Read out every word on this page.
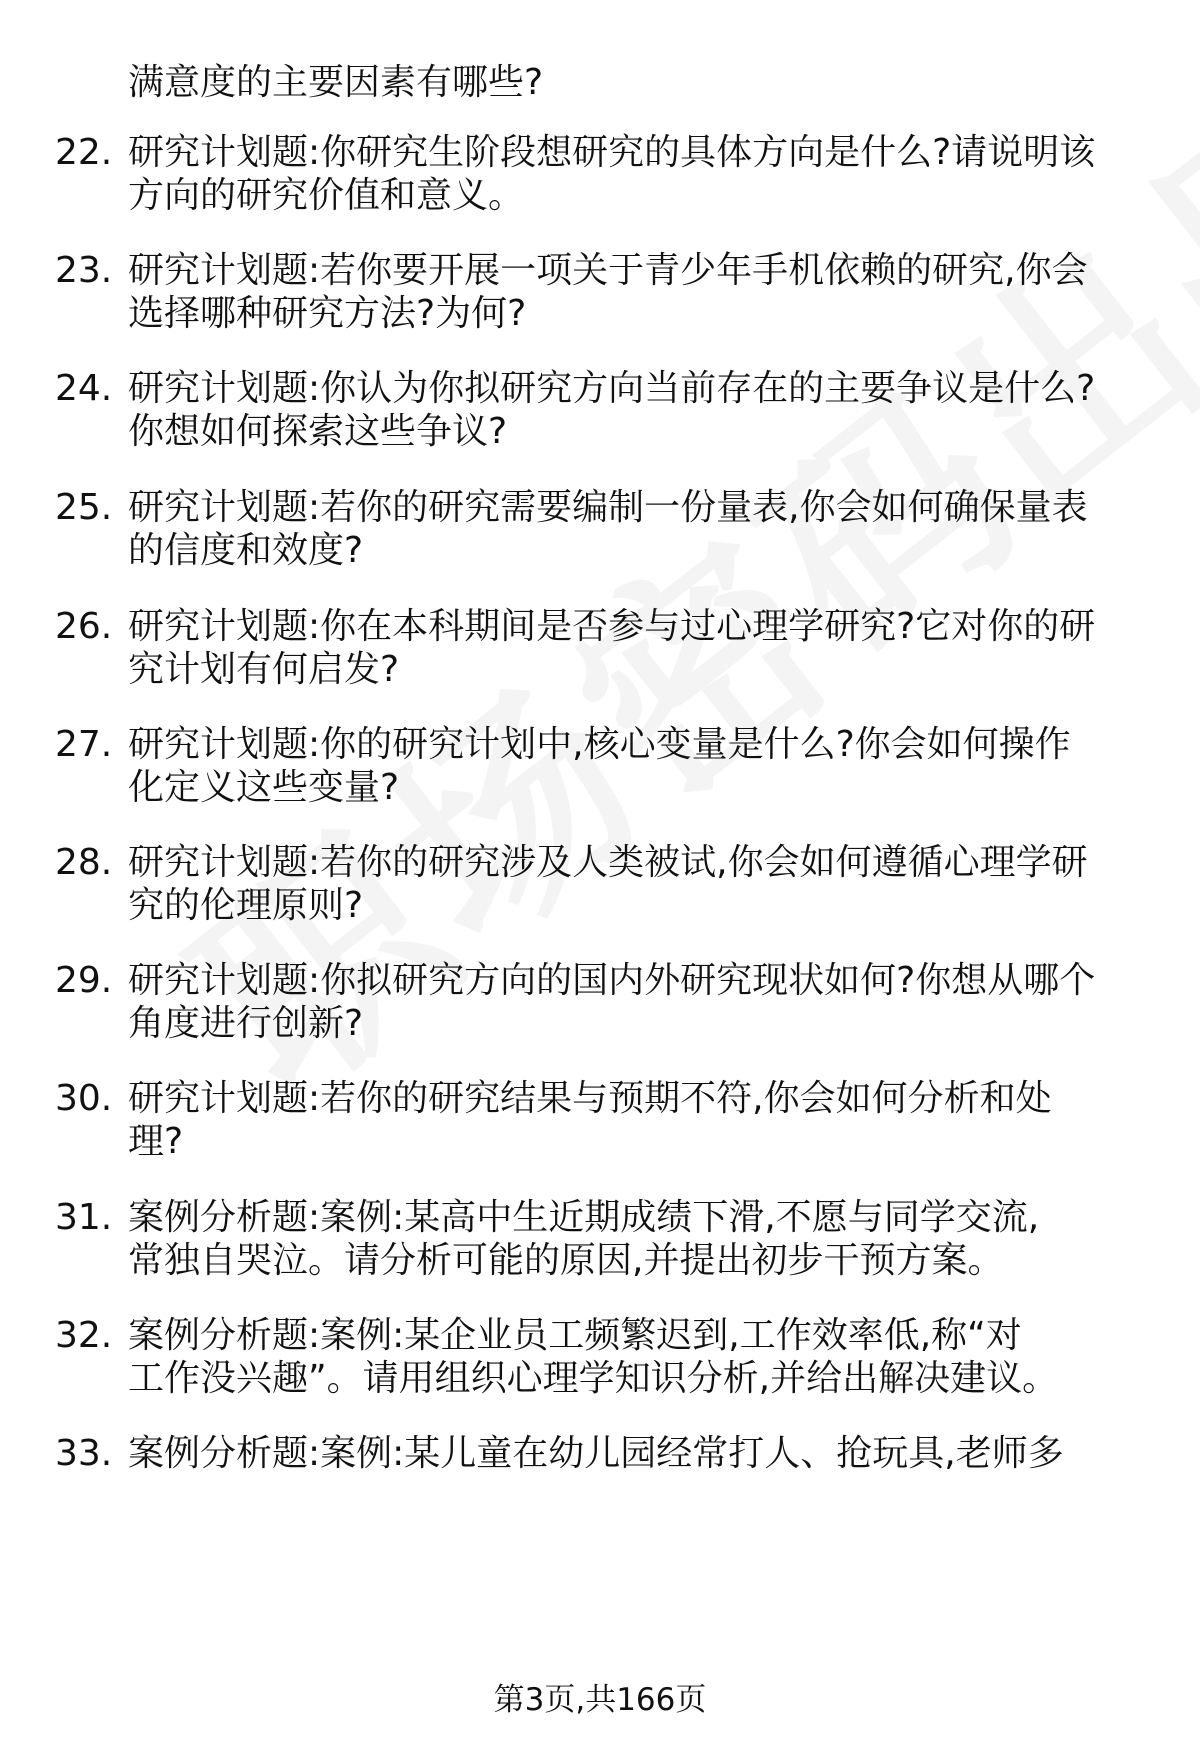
满意度的主要因素有哪些?
22. 研究计划题:你研究生阶段想研究的具体方向是什么?请说明该
方向的研究价值和意义。
23. 研究计划题:若你要开展一项关于青少年手机依赖的研究,你会
选择哪种研究方法?为何?
24. 研究计划题:你认为你拟研究方向当前存在的主要争议是什么?
你想如何探索这些争议?
25. 研究计划题:若你的研究需要编制一份量表,你会如何确保量表
的信度和效度?
26. 研究计划题:你在本科期间是否参与过心理学研究?它对你的研
究计划有何启发?
27. 研究计划题:你的研究计划中,核心变量是什么?你会如何操作
化定义这些变量?
28. 研究计划题:若你的研究涉及人类被试,你会如何遵循心理学研
究的伦理原则?
29. 研究计划题:你拟研究方向的国内外研究现状如何?你想从哪个
角度进行创新?
30. 研究计划题:若你的研究结果与预期不符,你会如何分析和处
理?
31. 案例分析题:案例:某高中生近期成绩下滑,不愿与同学交流,
常独自哭泣。请分析可能的原因,并提出初步干预方案。
32. 案例分析题:案例:某企业员工频繁迟到,工作效率低,称“对
工作没兴趣”。请用组织心理学知识分析,并给出解决建议。
33. 案例分析题:案例:某儿童在幼儿园经常打人、抢玩具,老师多
第3页,共166页
